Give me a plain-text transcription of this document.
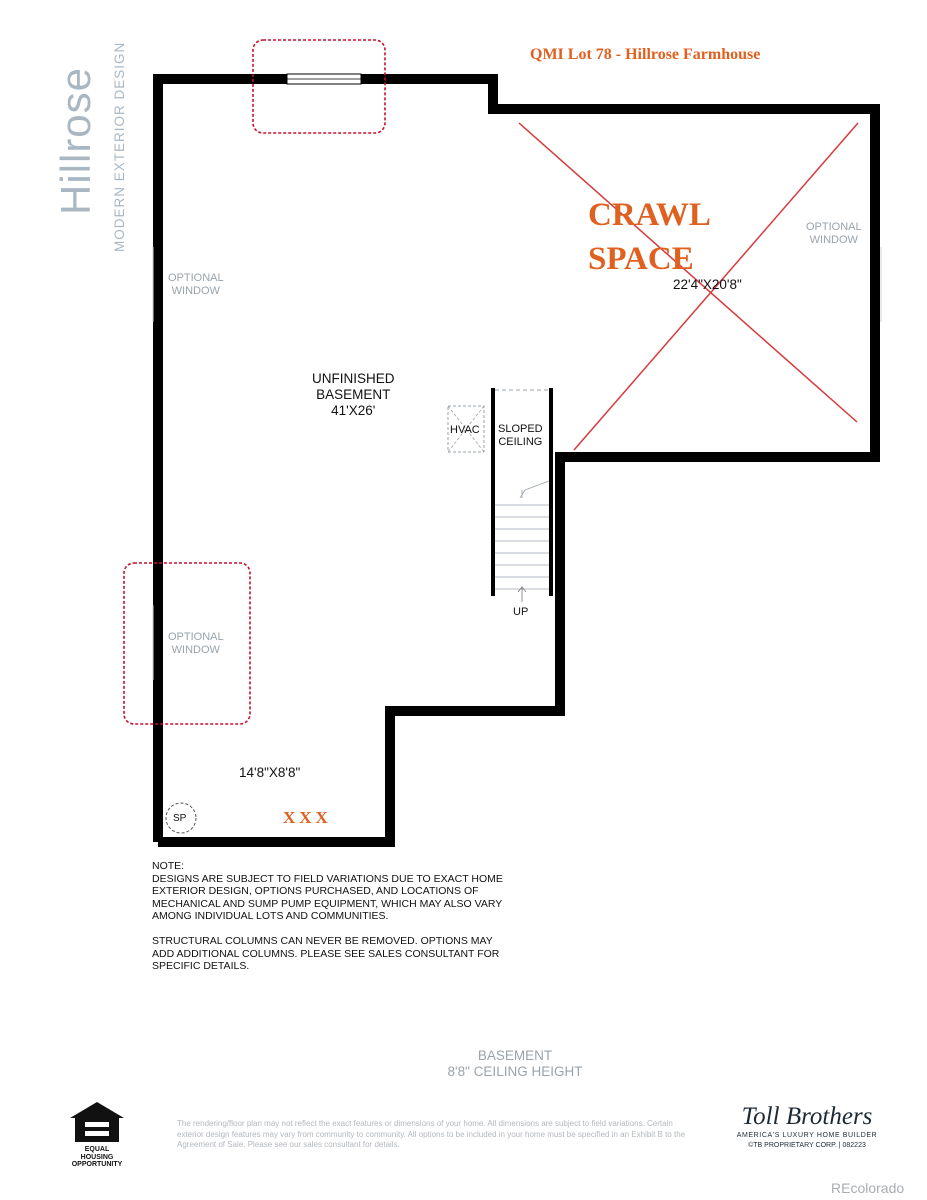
Hillrose MODERN EXTERIOR DESIGN	QMI Lot 78 - Hillrose Farmhouse
CRAWL
SPACE
22'4"X20'8"
OPTIONAL
WINDOW
OPTIONAL
WINDOW
OPTIONAL
WINDOW
UNFINISHED
BASEMENT
41'X26'
HVAC SLOPED
CEILING
UP
14'8"X8'8"
SP	XXX

NOTE:

DESIGNS ARE SUBJECT TO FIELD VARIATIONS DUE TO EXACT HOME EXTERIOR DESIGN, OPTIONS PURCHASED, AND LOCATIONS OF MECHANICAL AND SUMP PUMP EQUIPMENT, WHICH MAY ALSO VARY AMONG INDIVIDUAL LOTS AND COMMUNITIES.

STRUCTURAL COLUMNS CAN NEVER BE REMOVED. OPTIONS MAY ADD ADDITIONAL COLUMNS. PLEASE SEE SALES CONSULTANT FOR SPECIFIC DETAILS.

BASEMENT
8'8" CEILING HEIGHT
EQUAL HOUSING
OPPORTUNITY
The rendering/floor plan may not reflect the exact features or dimensions of your home. All dimensions are subject to field variations. Certain exterior design features may vary from community to community. All options to be included in your home must be specified in an Exhibit B to the Agreement of Sale. Please see our sales consultant for details.
Toll Brothers
AMERICA'S LUXURY HOME BUILDER
©TB PROPRIETARY CORP. | 082223
REcolorado
